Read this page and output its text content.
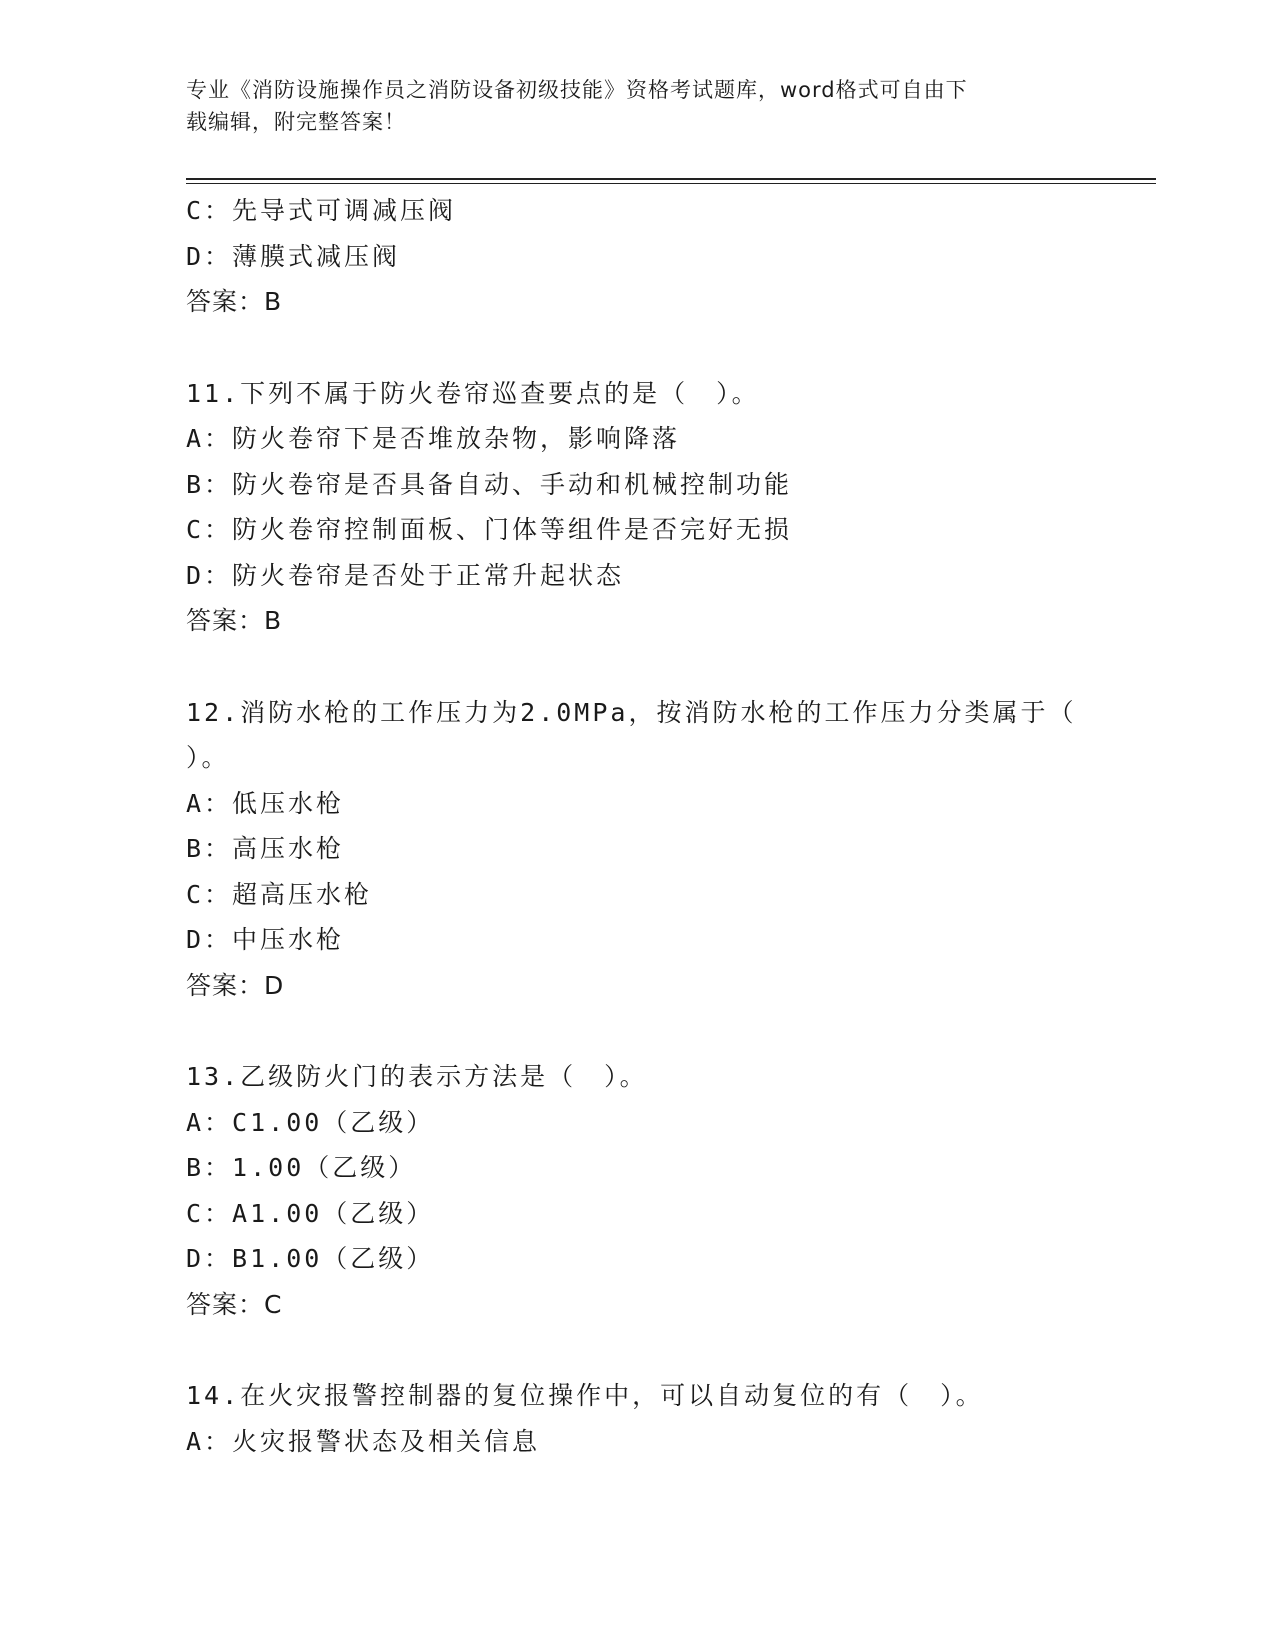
专业《消防设施操作员之消防设备初级技能》资格考试题库，word格式可自由下
载编辑，附完整答案！
C：先导式可调减压阀
D：薄膜式减压阀
答案：B
11.下列不属于防火卷帘巡查要点的是（　）。
A：防火卷帘下是否堆放杂物，影响降落
B：防火卷帘是否具备自动、手动和机械控制功能
C：防火卷帘控制面板、门体等组件是否完好无损
D：防火卷帘是否处于正常升起状态
答案：B
12.消防水枪的工作压力为2.0MPa，按消防水枪的工作压力分类属于（
）。
A：低压水枪
B：高压水枪
C：超高压水枪
D：中压水枪
答案：D
13.乙级防火门的表示方法是（　）。
A：C1.00（乙级）
B：1.00（乙级）
C：A1.00（乙级）
D：B1.00（乙级）
答案：C
14.在火灾报警控制器的复位操作中，可以自动复位的有（　）。
A：火灾报警状态及相关信息
